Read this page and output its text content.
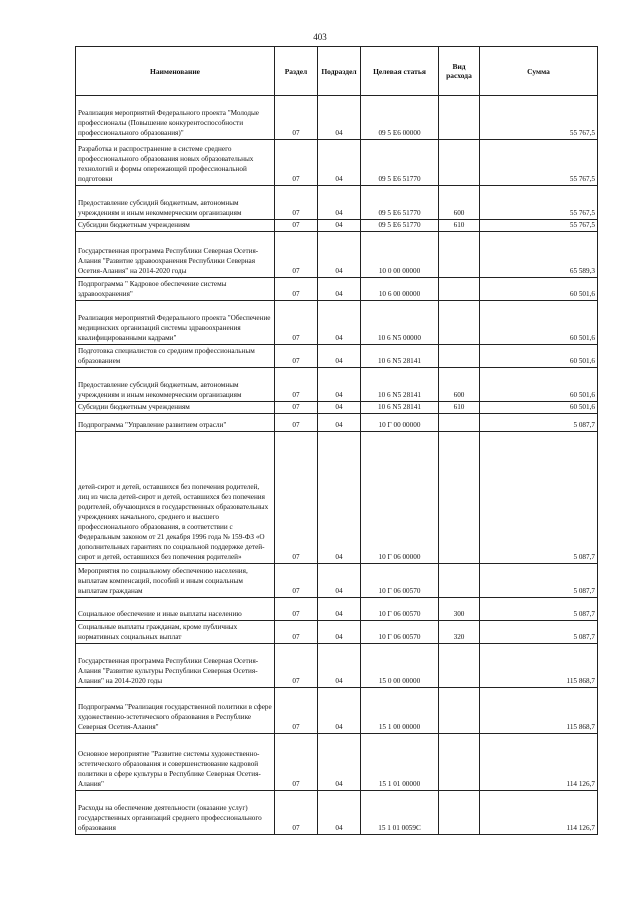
403
Наименование	Раздел	Подраздел	Целевая статья	Вид расхода	Сумма
Реализация мероприятий Федерального проекта "Молодые профессионалы (Повышение конкурентоспособности профессионального образования)"	07	04	09 5 Е6 00000		55 767,5
Разработка и распространение в системе среднего профессионального образования новых образовательных технологий и формы опережающей профессиональной подготовки	07	04	09 5 Е6 51770		55 767,5
Предоставление субсидий бюджетным, автономным учреждениям и иным некоммерческим организациям	07	04	09 5 Е6 51770	600	55 767,5
Субсидии бюджетным учреждениям	07	04	09 5 Е6 51770	610	55 767,5
Государственная программа Республики Северная Осетия-Алания "Развитие здравоохранения Республики Северная Осетия-Алания" на 2014-2020 годы	07	04	10 0 00 00000		65 589,3
Подпрограмма " Кадровое обеспечение системы здравоохранения"	07	04	10 6 00 00000		60 501,6
Реализация мероприятий Федерального проекта "Обеспечение медицинских организаций системы здравоохранения квалифицированными кадрами"	07	04	10 6 N5 00000		60 501,6
Подготовка специалистов со средним профессиональным образованием	07	04	10 6 N5 28141		60 501,6
Предоставление субсидий бюджетным, автономным учреждениям и иным некоммерческим организациям	07	04	10 6 N5 28141	600	60 501,6
Субсидии бюджетным учреждениям	07	04	10 6 N5 28141	610	60 501,6
Подпрограмма "Управление развитием отрасли"	07	04	10 Г 00 00000		5 087,7
детей-сирот и детей, оставшихся без попечения родителей, лиц из числа детей-сирот и детей, оставшихся без попечения родителей, обучающихся в государственных образовательных учреждениях начального, среднего и высшего профессионального образования, в соответствии с Федеральным законом от 21 декабря 1996 года № 159-ФЗ «О дополнительных гарантиях по социальной поддержке детей-сирот и детей, оставшихся без попечения родителей»	07	04	10 Г 06 00000		5 087,7
Мероприятия по социальному обеспечению населения, выплатам компенсаций, пособий и иным социальным выплатам гражданам	07	04	10 Г 06 00570		5 087,7
Социальное обеспечение и иные выплаты населению	07	04	10 Г 06 00570	300	5 087,7
Социальные выплаты гражданам, кроме публичных нормативных социальных выплат	07	04	10 Г 06 00570	320	5 087,7
Государственная программа Республики Северная Осетия-Алания "Развитие культуры Республики Северная Осетия-Алания" на 2014-2020 годы	07	04	15 0 00 00000		115 868,7
Подпрограмма "Реализация государственной политики в сфере художественно-эстетического образования в Республике Северная Осетия-Алания"	07	04	15 1 00 00000		115 868,7
Основное мероприятие "Развитие системы художественно-эстетического образования и совершенствование кадровой политики в сфере культуры в Республике Северная Осетия-Алания"	07	04	15 1 01 00000		114 126,7
Расходы на обеспечение деятельности (оказание услуг) государственных организаций среднего профессионального образования	07	04	15 1 01 0059С		114 126,7
